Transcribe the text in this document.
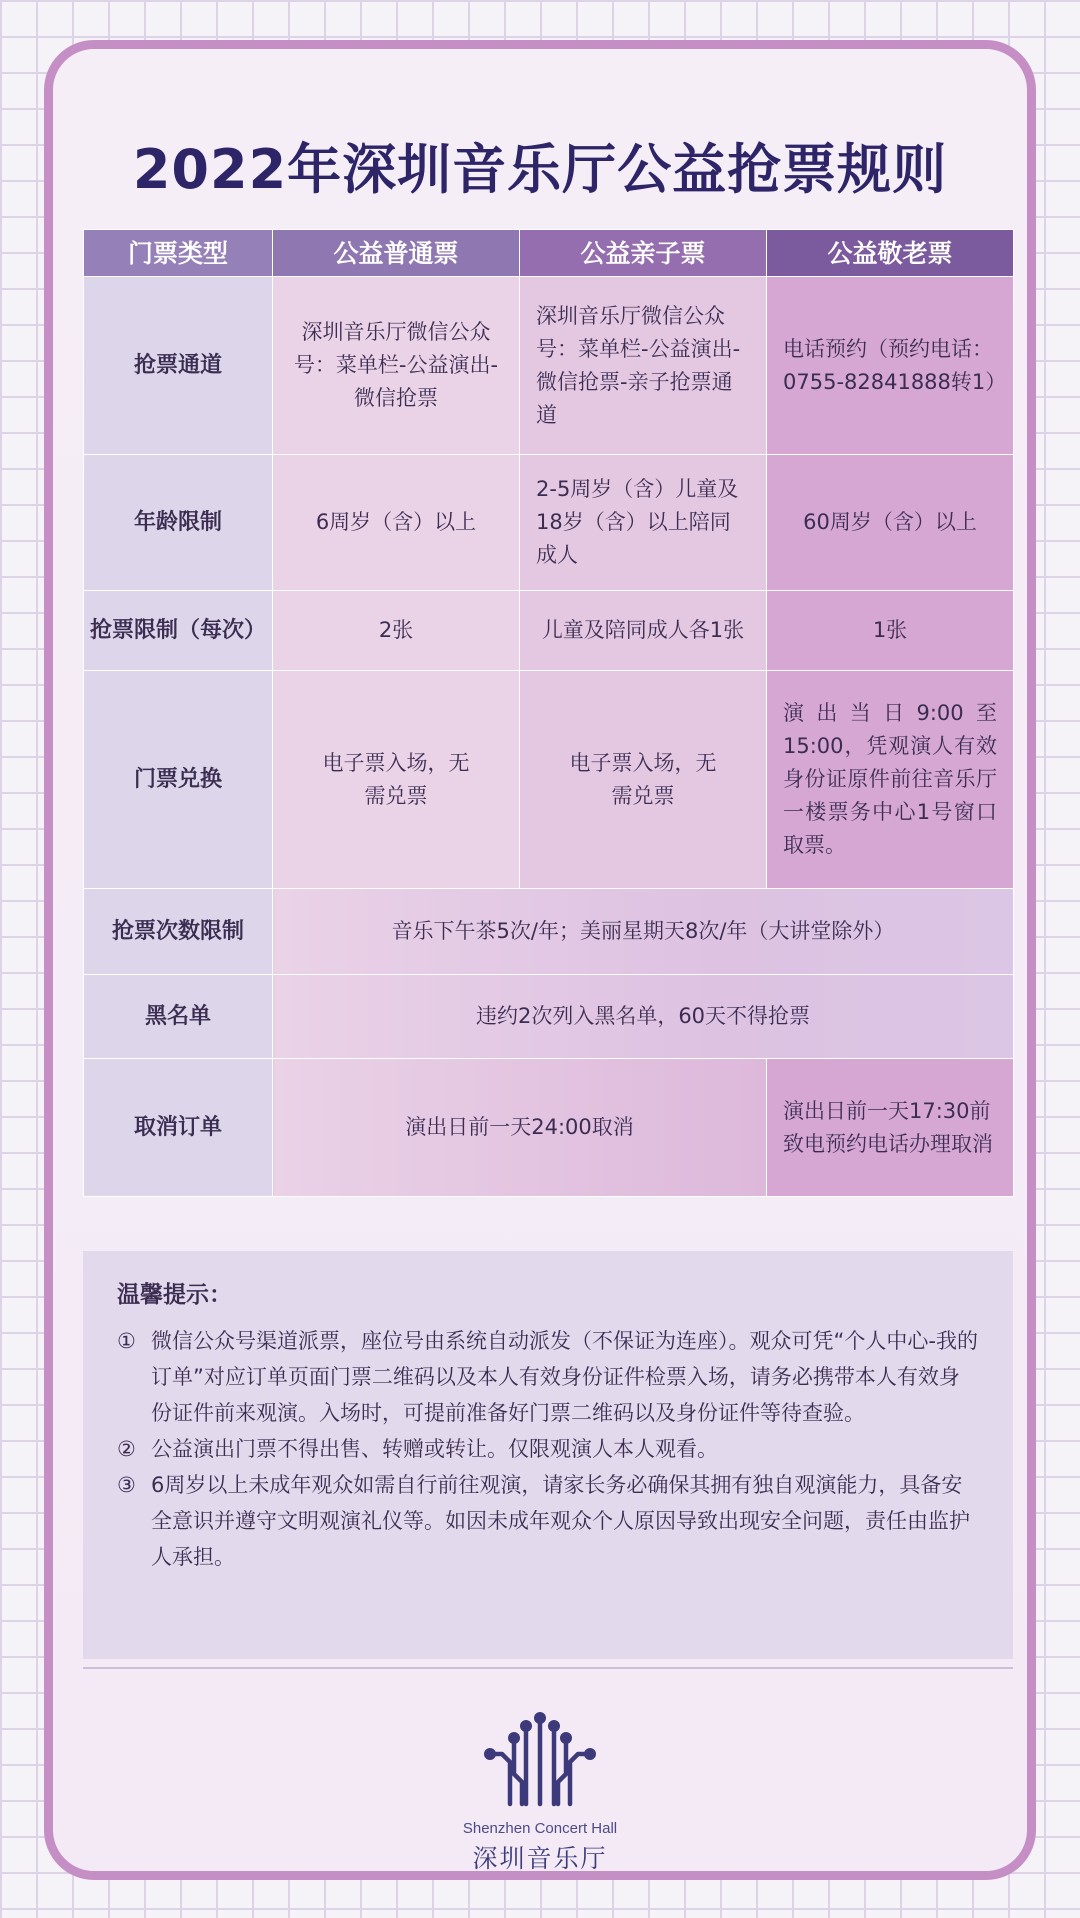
2022年深圳音乐厅公益抢票规则
门票类型	公益普通票	公益亲子票	公益敬老票
抢票通道	深圳音乐厅微信公众号：菜单栏-公益演出-微信抢票	深圳音乐厅微信公众号：菜单栏-公益演出-微信抢票-亲子抢票通道	电话预约（预约电话：0755-82841888转1）
年龄限制	6周岁（含）以上	2-5周岁（含）儿童及18岁（含）以上陪同成人	60周岁（含）以上
抢票限制（每次）	2张	儿童及陪同成人各1张	1张
门票兑换	电子票入场，无需兑票	电子票入场，无需兑票	演出当日9:00至15:00，凭观演人有效身份证原件前往音乐厅一楼票务中心1号窗口取票。
抢票次数限制	音乐下午茶5次/年；美丽星期天8次/年（大讲堂除外）		
黑名单	违约2次列入黑名单，60天不得抢票		
取消订单	演出日前一天24:00取消		演出日前一天17:30前致电预约电话办理取消
温馨提示：
① 微信公众号渠道派票，座位号由系统自动派发（不保证为连座）。观众可凭“个人中心-我的订单”对应订单页面门票二维码以及本人有效身份证件检票入场，请务必携带本人有效身份证件前来观演。入场时，可提前准备好门票二维码以及身份证件等待查验。
② 公益演出门票不得出售、转赠或转让。仅限观演人本人观看。
③ 6周岁以上未成年观众如需自行前往观演，请家长务必确保其拥有独自观演能力，具备安全意识并遵守文明观演礼仪等。如因未成年观众个人原因导致出现安全问题，责任由监护人承担。
Shenzhen Concert Hall
深圳音乐厅
